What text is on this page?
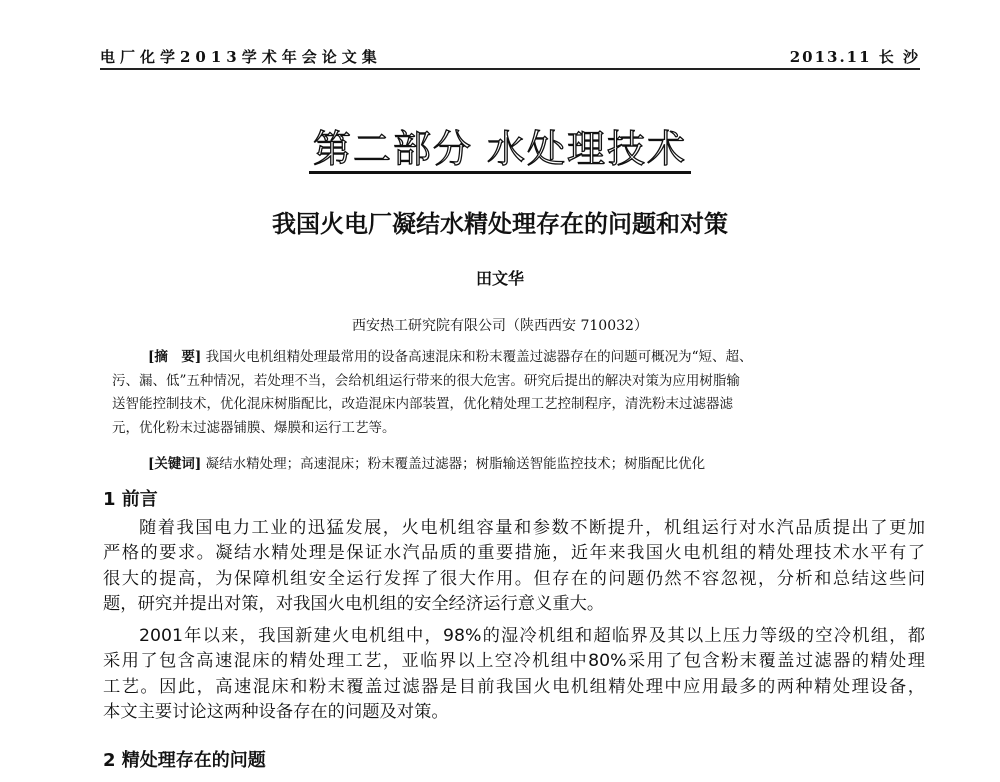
电厂化学2013学术年会论文集	2013.11 长 沙
第二部分 水处理技术
我国火电厂凝结水精处理存在的问题和对策
田文华
西安热工研究院有限公司（陕西西安 710032）
[摘　要] 我国火电机组精处理最常用的设备高速混床和粉末覆盖过滤器存在的问题可概况为“短、超、
污、漏、低”五种情况，若处理不当，会给机组运行带来的很大危害。研究后提出的解决对策为应用树脂输
送智能控制技术，优化混床树脂配比，改造混床内部装置，优化精处理工艺控制程序，清洗粉末过滤器滤
元，优化粉末过滤器铺膜、爆膜和运行工艺等。
[关键词] 凝结水精处理；高速混床；粉末覆盖过滤器；树脂输送智能监控技术；树脂配比优化
1 前言
随着我国电力工业的迅猛发展，火电机组容量和参数不断提升，机组运行对水汽品质提出了更加
严格的要求。凝结水精处理是保证水汽品质的重要措施，近年来我国火电机组的精处理技术水平有了
很大的提高，为保障机组安全运行发挥了很大作用。但存在的问题仍然不容忽视，分析和总结这些问
题，研究并提出对策，对我国火电机组的安全经济运行意义重大。
2001年以来，我国新建火电机组中，98%的湿冷机组和超临界及其以上压力等级的空冷机组，都
采用了包含高速混床的精处理工艺，亚临界以上空冷机组中80%采用了包含粉末覆盖过滤器的精处理
工艺。因此，高速混床和粉末覆盖过滤器是目前我国火电机组精处理中应用最多的两种精处理设备，
本文主要讨论这两种设备存在的问题及对策。
2 精处理存在的问题
